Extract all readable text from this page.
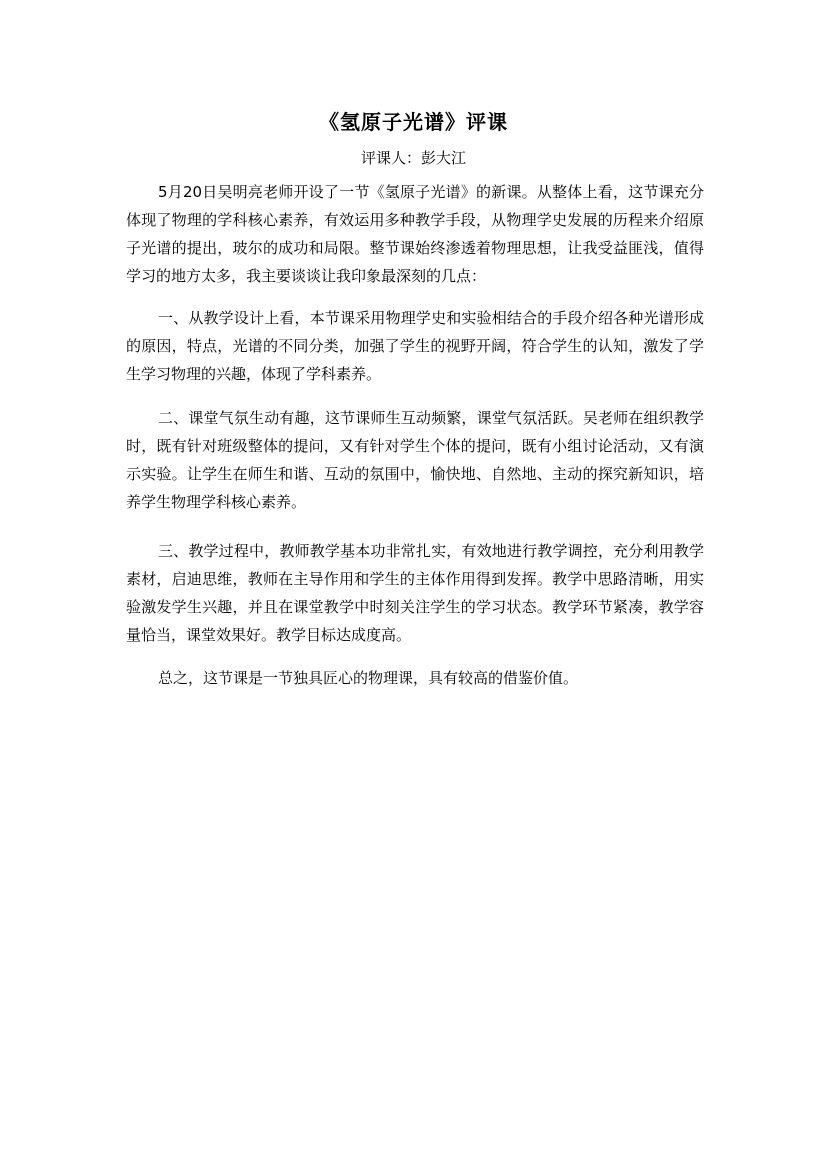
《氢原子光谱》评课
评课人：彭大江
5月20日吴明亮老师开设了一节《氢原子光谱》的新课。从整体上看，这节课充分体现了物理的学科核心素养，有效运用多种教学手段，从物理学史发展的历程来介绍原子光谱的提出，玻尔的成功和局限。整节课始终渗透着物理思想，让我受益匪浅，值得学习的地方太多，我主要谈谈让我印象最深刻的几点：
一、从教学设计上看，本节课采用物理学史和实验相结合的手段介绍各种光谱形成的原因，特点，光谱的不同分类，加强了学生的视野开阔，符合学生的认知，激发了学生学习物理的兴趣，体现了学科素养。
二、课堂气氛生动有趣，这节课师生互动频繁，课堂气氛活跃。吴老师在组织教学时，既有针对班级整体的提问，又有针对学生个体的提问，既有小组讨论活动，又有演示实验。让学生在师生和谐、互动的氛围中，愉快地、自然地、主动的探究新知识，培养学生物理学科核心素养。
三、教学过程中，教师教学基本功非常扎实，有效地进行教学调控，充分利用教学素材，启迪思维，教师在主导作用和学生的主体作用得到发挥。教学中思路清晰，用实验激发学生兴趣，并且在课堂教学中时刻关注学生的学习状态。教学环节紧凑，教学容量恰当，课堂效果好。教学目标达成度高。
总之，这节课是一节独具匠心的物理课，具有较高的借鉴价值。
